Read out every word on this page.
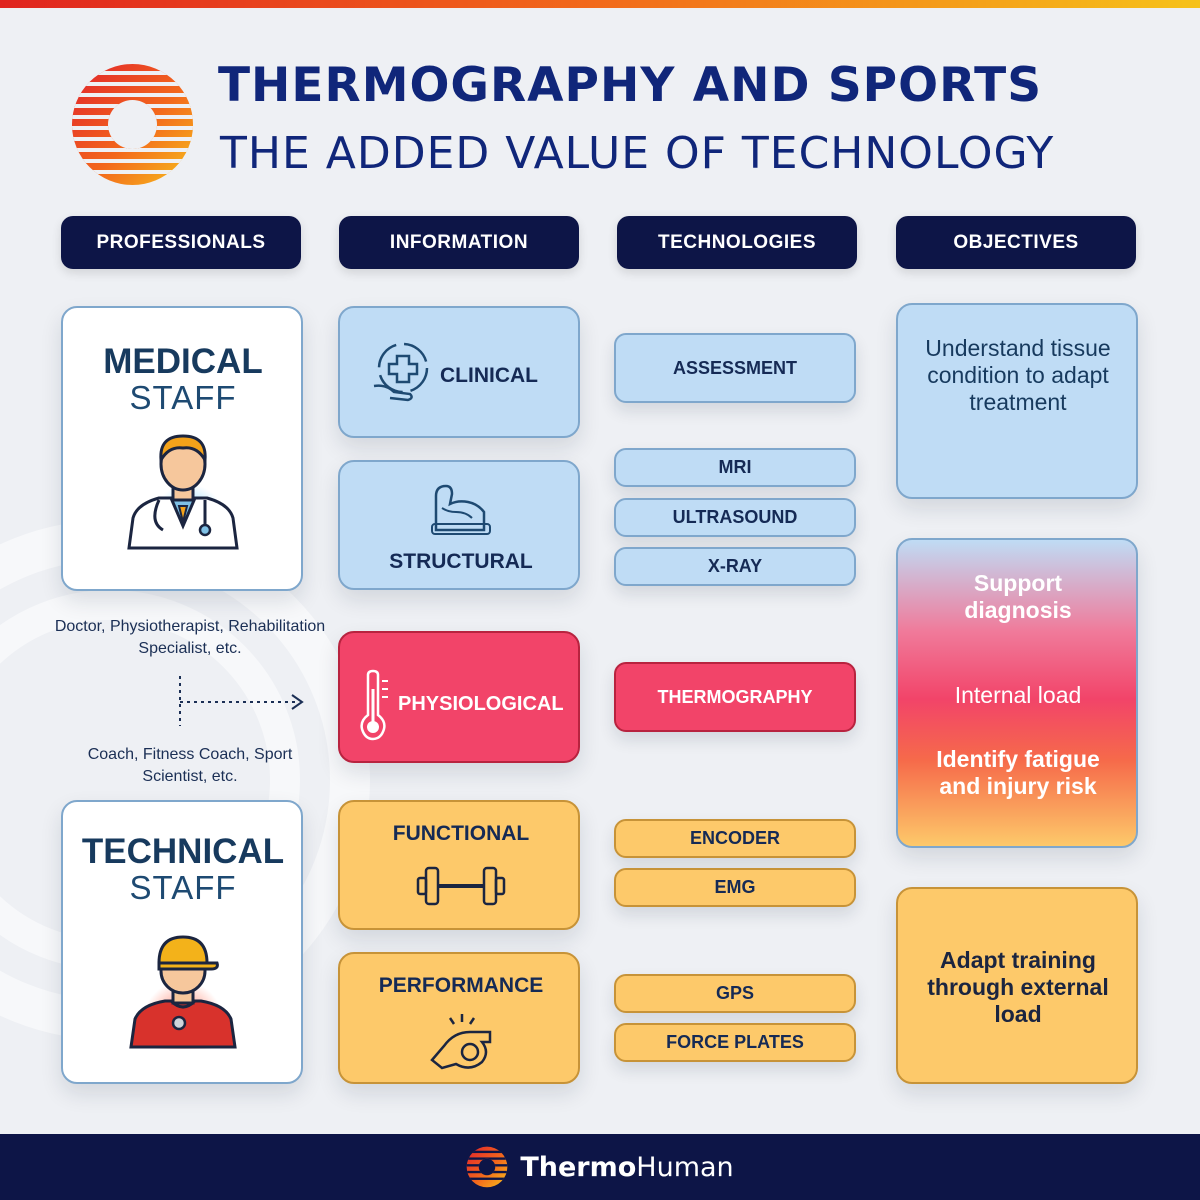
THERMOGRAPHY AND SPORTS
THE ADDED VALUE OF TECHNOLOGY
PROFESSIONALS	INFORMATION	TECHNOLOGIES	OBJECTIVES
MEDICAL
STAFF
Doctor, Physiotherapist, Rehabilitation Specialist, etc.
Coach, Fitness Coach, Sport Scientist, etc.
TECHNICAL
STAFF
CLINICAL
STRUCTURAL
PHYSIOLOGICAL
FUNCTIONAL
PERFORMANCE
ASSESSMENT
MRI
ULTRASOUND
X-RAY
THERMOGRAPHY
ENCODER
EMG
GPS
FORCE PLATES
Understand tissue condition to adapt treatment
Support diagnosis
Internal load
Identify fatigue and injury risk
Adapt training through external load
ThermoHuman
